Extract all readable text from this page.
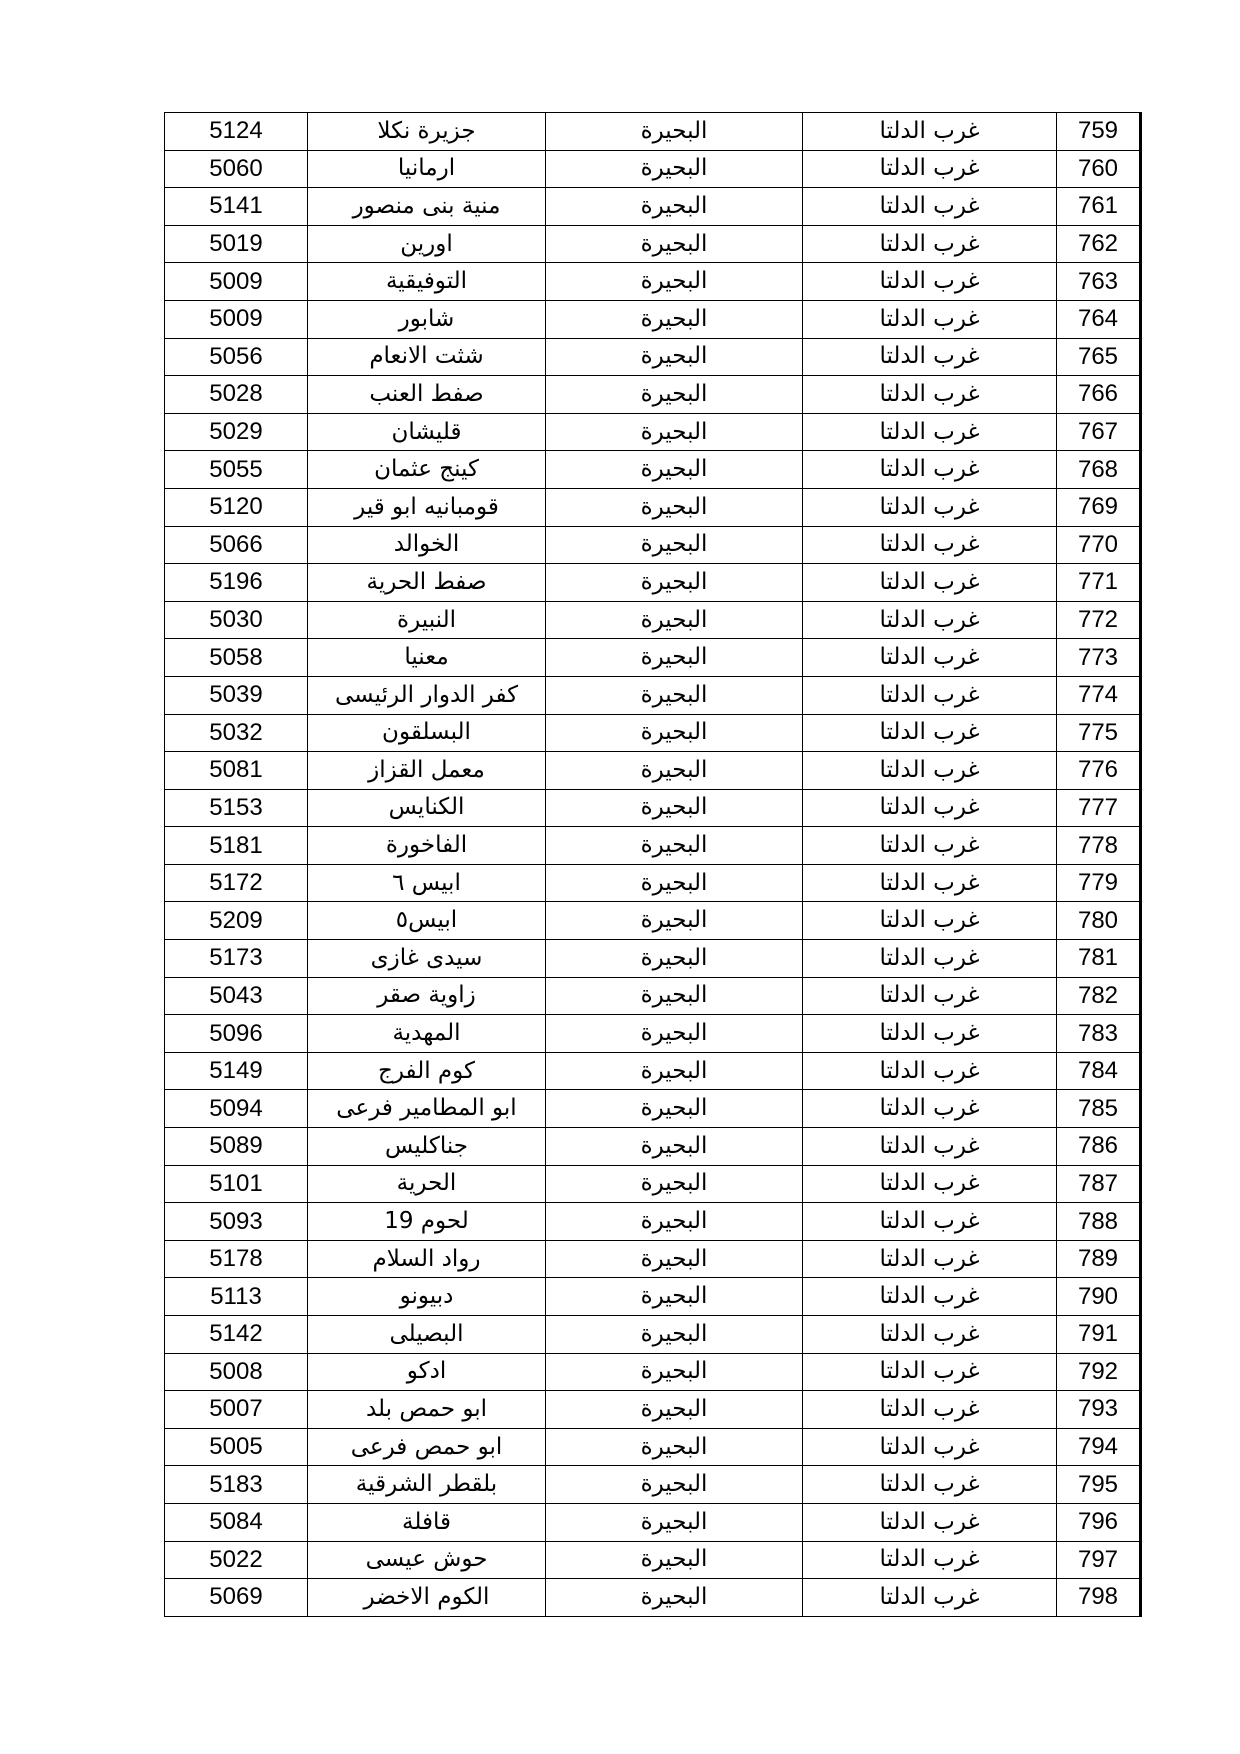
5124	جزيرة نكلا	البحيرة	غرب الدلتا	759
5060	ارمانيا	البحيرة	غرب الدلتا	760
5141	منية بنى منصور	البحيرة	غرب الدلتا	761
5019	اورين	البحيرة	غرب الدلتا	762
5009	التوفيقية	البحيرة	غرب الدلتا	763
5009	شابور	البحيرة	غرب الدلتا	764
5056	شثت الانعام	البحيرة	غرب الدلتا	765
5028	صفط العنب	البحيرة	غرب الدلتا	766
5029	قليشان	البحيرة	غرب الدلتا	767
5055	كينج عثمان	البحيرة	غرب الدلتا	768
5120	قومبانيه ابو قير	البحيرة	غرب الدلتا	769
5066	الخوالد	البحيرة	غرب الدلتا	770
5196	صفط الحرية	البحيرة	غرب الدلتا	771
5030	النبيرة	البحيرة	غرب الدلتا	772
5058	معنيا	البحيرة	غرب الدلتا	773
5039	كفر الدوار الرئيسى	البحيرة	غرب الدلتا	774
5032	البسلقون	البحيرة	غرب الدلتا	775
5081	معمل القزاز	البحيرة	غرب الدلتا	776
5153	الكنايس	البحيرة	غرب الدلتا	777
5181	الفاخورة	البحيرة	غرب الدلتا	778
5172	ابيس ٦	البحيرة	غرب الدلتا	779
5209	ابيس٥	البحيرة	غرب الدلتا	780
5173	سيدى غازى	البحيرة	غرب الدلتا	781
5043	زاوية صقر	البحيرة	غرب الدلتا	782
5096	المهدية	البحيرة	غرب الدلتا	783
5149	كوم الفرج	البحيرة	غرب الدلتا	784
5094	ابو المطامير فرعى	البحيرة	غرب الدلتا	785
5089	جناكليس	البحيرة	غرب الدلتا	786
5101	الحرية	البحيرة	غرب الدلتا	787
5093	لحوم 19	البحيرة	غرب الدلتا	788
5178	رواد السلام	البحيرة	غرب الدلتا	789
5113	دبيونو	البحيرة	غرب الدلتا	790
5142	البصيلى	البحيرة	غرب الدلتا	791
5008	ادكو	البحيرة	غرب الدلتا	792
5007	ابو حمص بلد	البحيرة	غرب الدلتا	793
5005	ابو حمص فرعى	البحيرة	غرب الدلتا	794
5183	بلقطر الشرقية	البحيرة	غرب الدلتا	795
5084	قافلة	البحيرة	غرب الدلتا	796
5022	حوش عيسى	البحيرة	غرب الدلتا	797
5069	الكوم الاخضر	البحيرة	غرب الدلتا	798
